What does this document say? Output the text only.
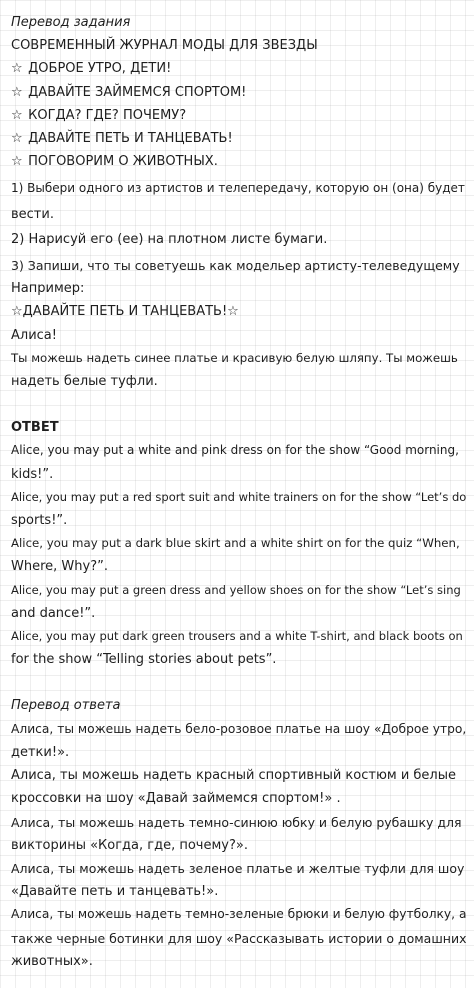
Перевод задания
СОВРЕМЕННЫЙ ЖУРНАЛ МОДЫ ДЛЯ ЗВЕЗДЫ
☆ ДОБРОЕ УТРО, ДЕТИ!
☆ ДАВАЙТЕ ЗАЙМЕМСЯ СПОРТОМ!
☆ КОГДА? ГДЕ? ПОЧЕМУ?
☆ ДАВАЙТЕ ПЕТЬ И ТАНЦЕВАТЬ!
☆ ПОГОВОРИМ О ЖИВОТНЫХ.
1) Выбери одного из артистов и телепередачу, которую он (она) будет
вести.
2) Нарисуй его (ее) на плотном листе бумаги.
3) Запиши, что ты советуешь как модельер артисту-телеведущему
Например:
☆ДАВАЙТЕ ПЕТЬ И ТАНЦЕВАТЬ!☆
Алиса!
Ты можешь надеть синее платье и красивую белую шляпу. Ты можешь
надеть белые туфли.
ОТВЕТ
Alice, you may put a white and pink dress on for the show “Good morning,
kids!”.
Alice, you may put a red sport suit and white trainers on for the show “Let’s do
sports!”.
Alice, you may put a dark blue skirt and a white shirt on for the quiz “When,
Where, Why?”.
Alice, you may put a green dress and yellow shoes on for the show “Let’s sing
and dance!”.
Alice, you may put dark green trousers and a white T-shirt, and black boots on
for the show “Telling stories about pets”.
Перевод ответа
Алиса, ты можешь надеть бело-розовое платье на шоу «Доброе утро,
детки!».
Алиса, ты можешь надеть красный спортивный костюм и белые
кроссовки на шоу «Давай займемся спортом!» .
Алиса, ты можешь надеть темно-синюю юбку и белую рубашку для
викторины «Когда, где, почему?».
Алиса, ты можешь надеть зеленое платье и желтые туфли для шоу
«Давайте петь и танцевать!».
Алиса, ты можешь надеть темно-зеленые брюки и белую футболку, а
также черные ботинки для шоу «Рассказывать истории о домашних
животных».
